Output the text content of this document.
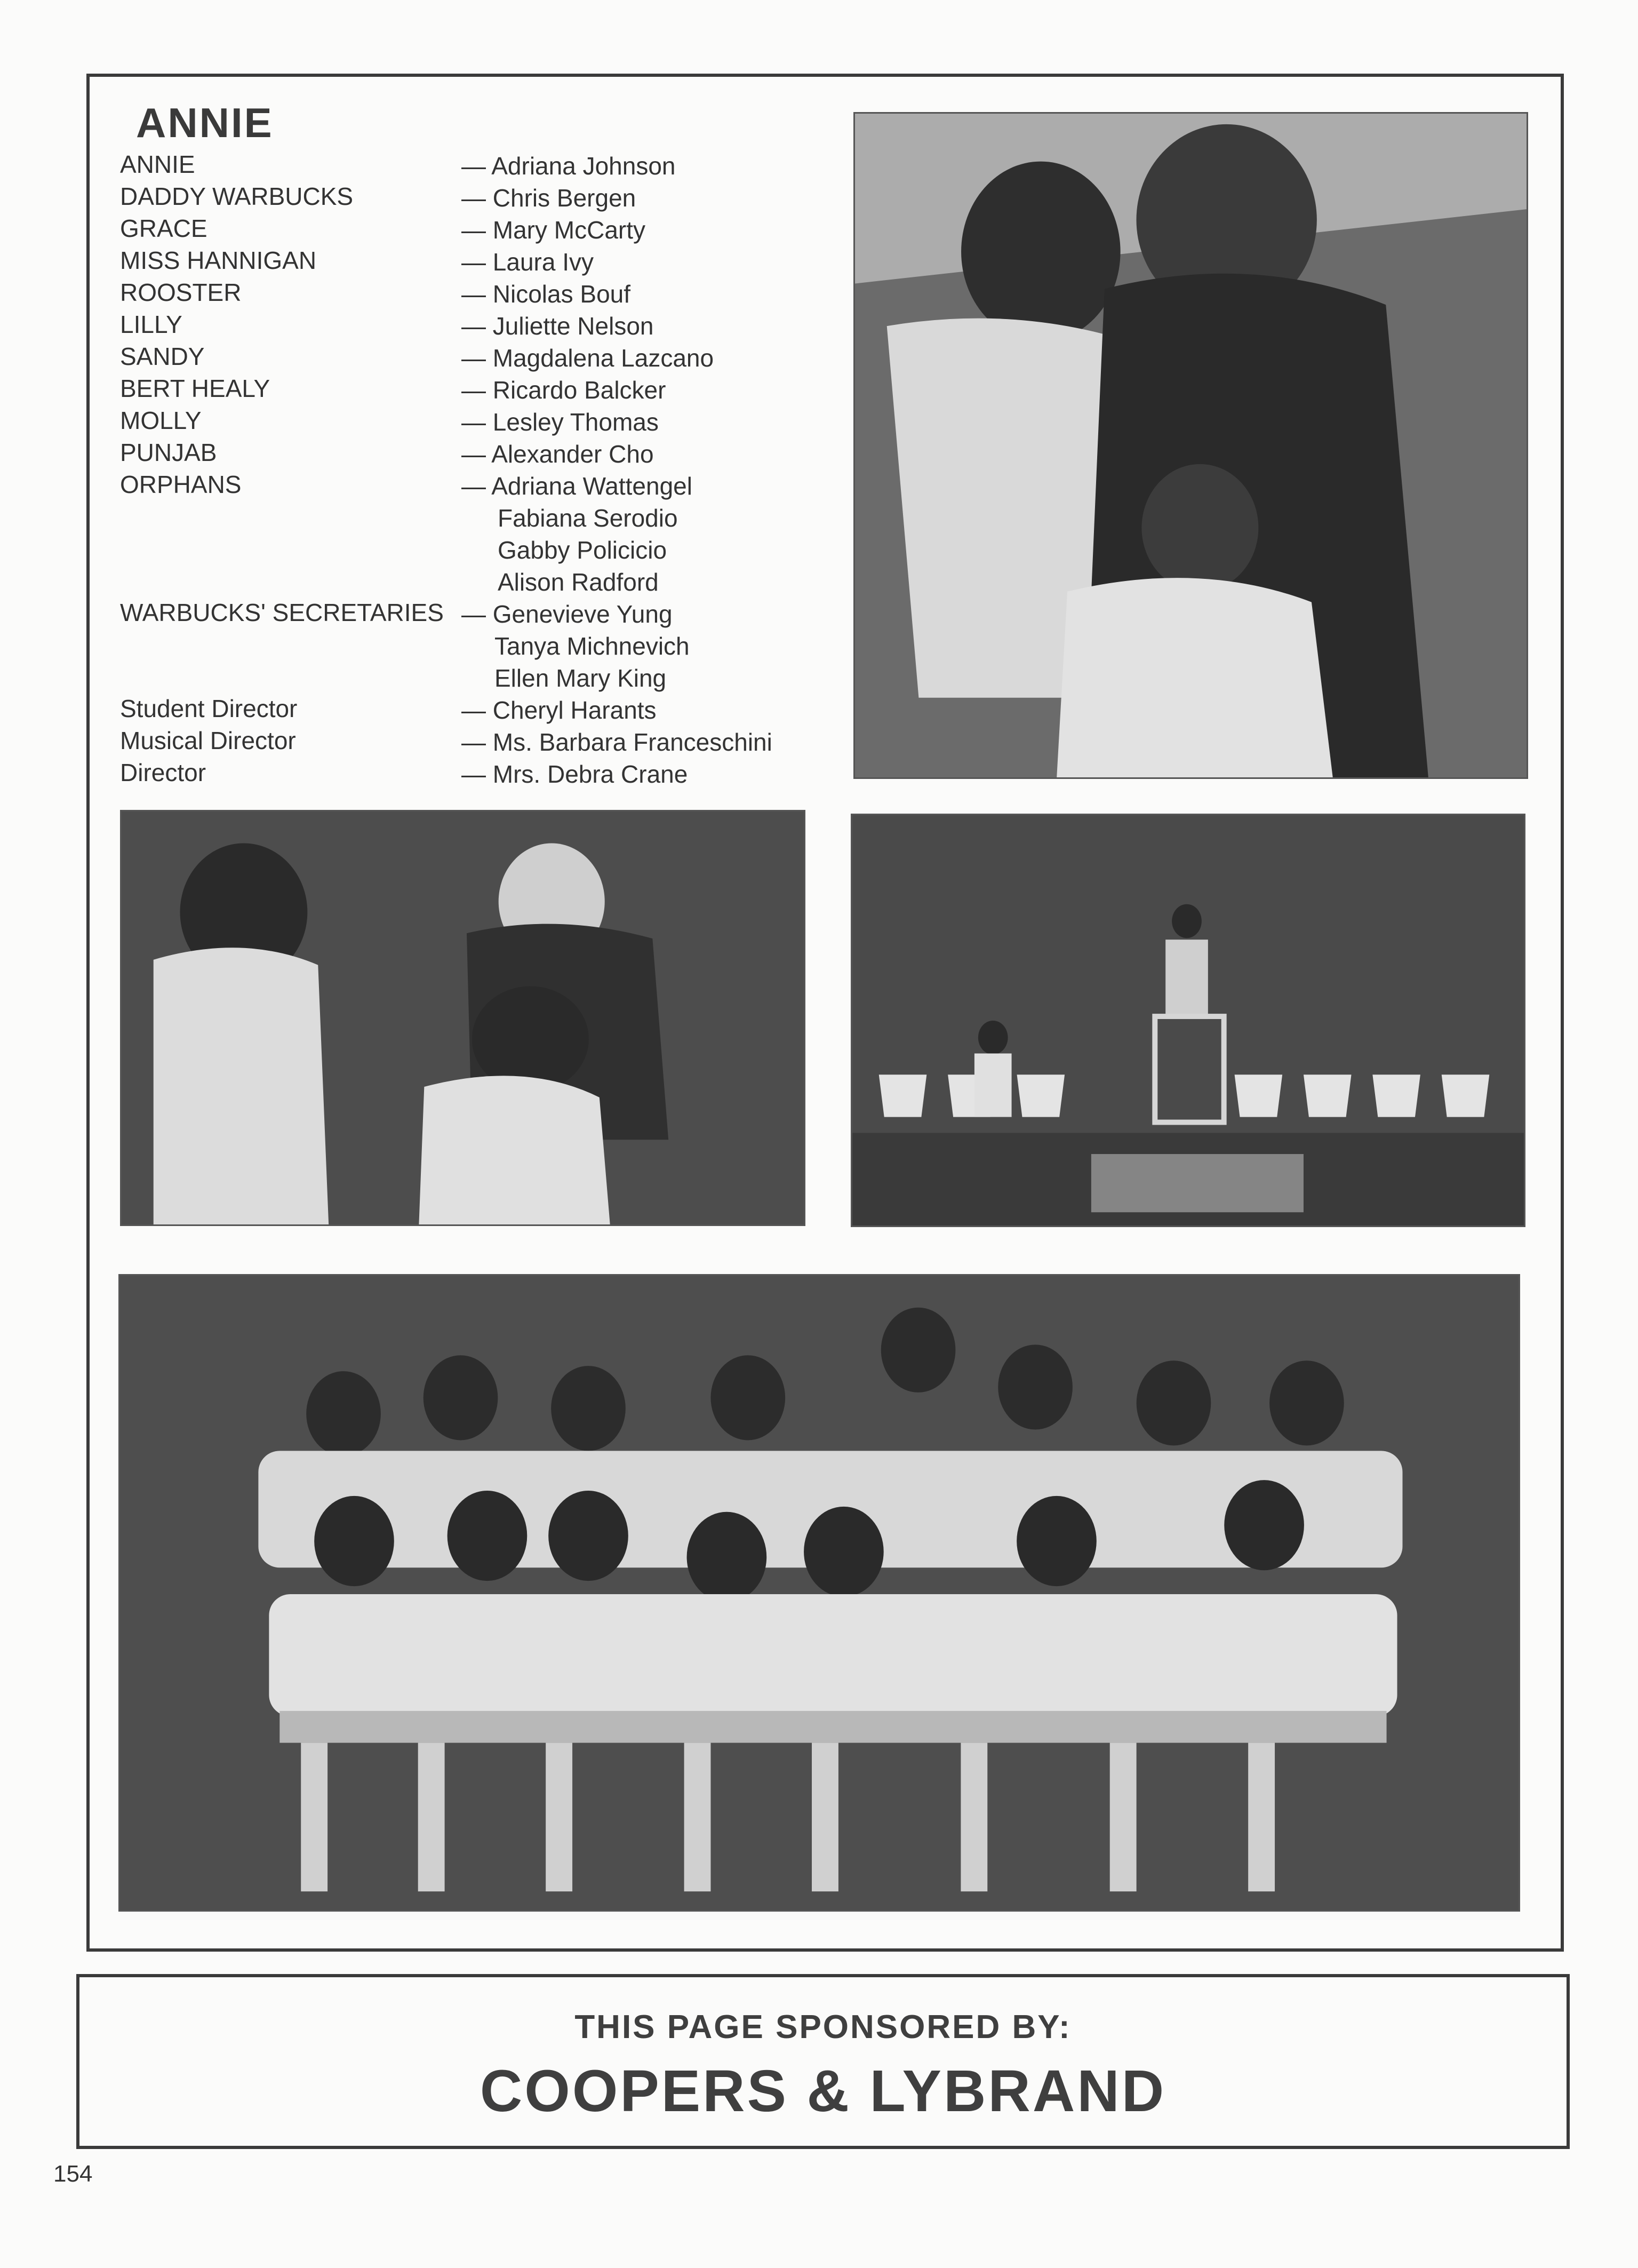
ANNIE
ANNIE	— Adriana Johnson
DADDY WARBUCKS	— Chris Bergen
GRACE	— Mary McCarty
MISS HANNIGAN	— Laura Ivy
ROOSTER	— Nicolas Bouf
LILLY	— Juliette Nelson
SANDY	— Magdalena Lazcano
BERT HEALY	— Ricardo Balcker
MOLLY	— Lesley Thomas
PUNJAB	— Alexander Cho
ORPHANS	— Adriana Wattengel
Fabiana Serodio
Gabby Policicio
Alison Radford
WARBUCKS' SECRETARIES — Genevieve Yung
Tanya Michnevich
Ellen Mary King
Student Director	— Cheryl Harants
Musical Director	— Ms. Barbara Franceschini
Director	— Mrs. Debra Crane
THIS PAGE SPONSORED BY:
COOPERS & LYBRAND
154
